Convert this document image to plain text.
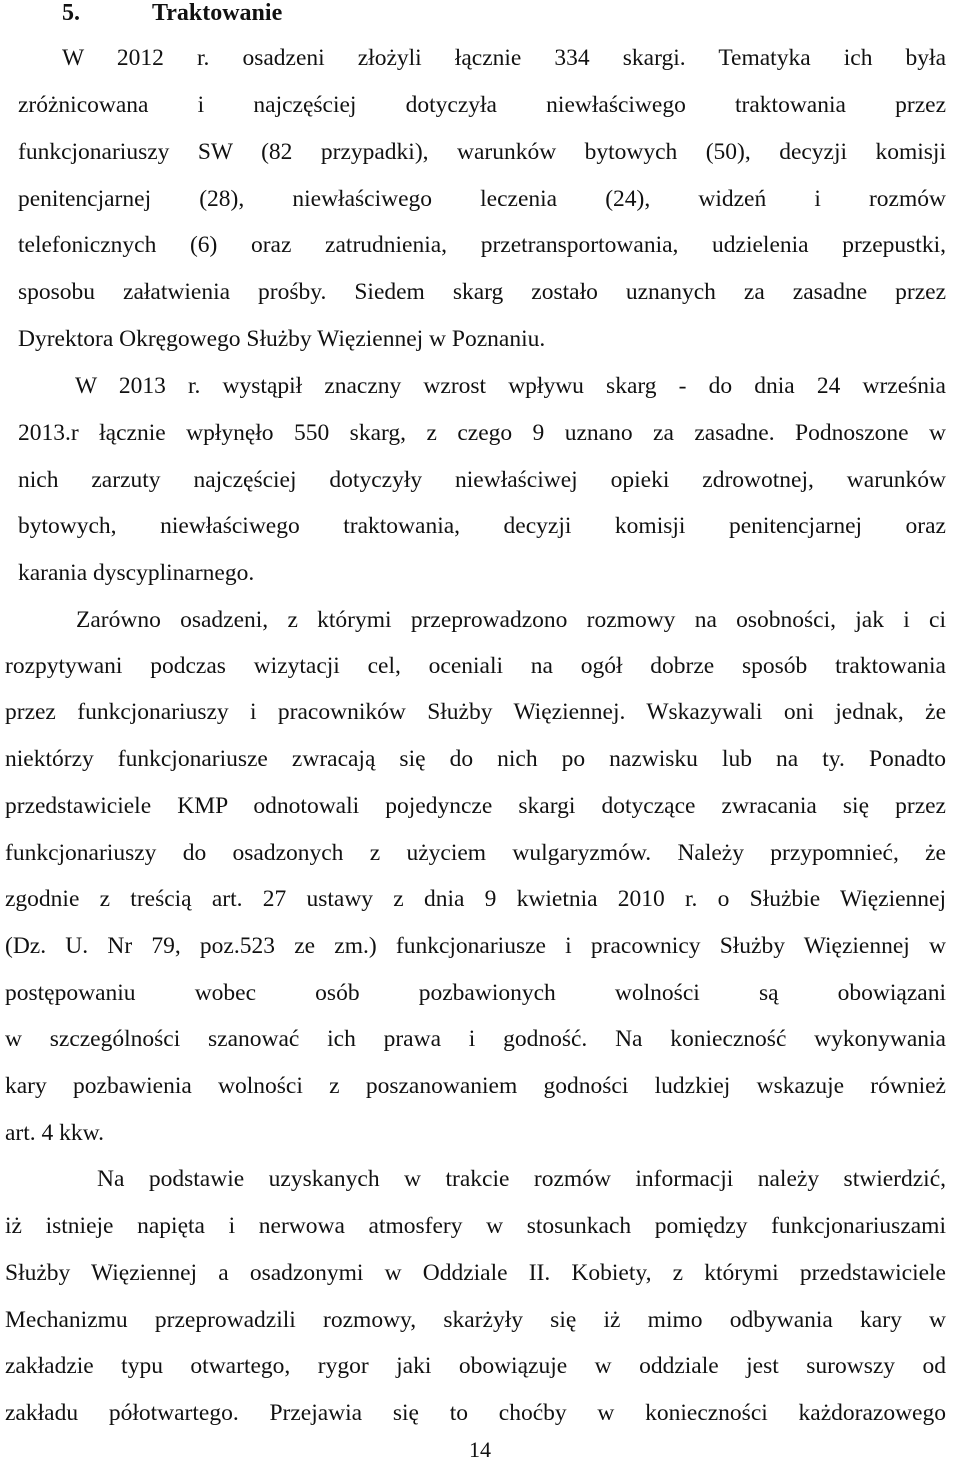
5.	Traktowanie
W 2012 r. osadzeni złożyli łącznie 334 skargi. Tematyka ich była
zróżnicowana i najczęściej dotyczyła niewłaściwego traktowania przez
funkcjonariuszy SW (82 przypadki), warunków bytowych (50), decyzji komisji
penitencjarnej (28), niewłaściwego leczenia (24), widzeń i rozmów
telefonicznych (6) oraz zatrudnienia, przetransportowania, udzielenia przepustki,
sposobu załatwienia prośby. Siedem skarg zostało uznanych za zasadne przez
Dyrektora Okręgowego Służby Więziennej w Poznaniu.
W 2013 r. wystąpił znaczny wzrost wpływu skarg - do dnia 24 września
2013.r łącznie wpłynęło 550 skarg, z czego 9 uznano za zasadne. Podnoszone w
nich zarzuty najczęściej dotyczyły niewłaściwej opieki zdrowotnej, warunków
bytowych, niewłaściwego traktowania, decyzji komisji penitencjarnej oraz
karania dyscyplinarnego.
Zarówno osadzeni, z którymi przeprowadzono rozmowy na osobności, jak i ci
rozpytywani podczas wizytacji cel, oceniali na ogół dobrze sposób traktowania
przez funkcjonariuszy i pracowników Służby Więziennej. Wskazywali oni jednak, że
niektórzy funkcjonariusze zwracają się do nich po nazwisku lub na ty. Ponadto
przedstawiciele KMP odnotowali pojedyncze skargi dotyczące zwracania się przez
funkcjonariuszy do osadzonych z użyciem wulgaryzmów. Należy przypomnieć, że
zgodnie z treścią art. 27 ustawy z dnia 9 kwietnia 2010 r. o Służbie Więziennej
(Dz. U. Nr 79, poz.523 ze zm.) funkcjonariusze i pracownicy Służby Więziennej w
postępowaniu wobec osób pozbawionych wolności są obowiązani
w szczególności szanować ich prawa i godność. Na konieczność wykonywania
kary pozbawienia wolności z poszanowaniem godności ludzkiej wskazuje również
art. 4 kkw.
Na podstawie uzyskanych w trakcie rozmów informacji należy stwierdzić,
iż istnieje napięta i nerwowa atmosfery w stosunkach pomiędzy funkcjonariuszami
Służby Więziennej a osadzonymi w Oddziale II. Kobiety, z którymi przedstawiciele
Mechanizmu przeprowadzili rozmowy, skarżyły się iż mimo odbywania kary w
zakładzie typu otwartego, rygor jaki obowiązuje w oddziale jest surowszy od
zakładu półotwartego. Przejawia się to choćby w konieczności każdorazowego
14
